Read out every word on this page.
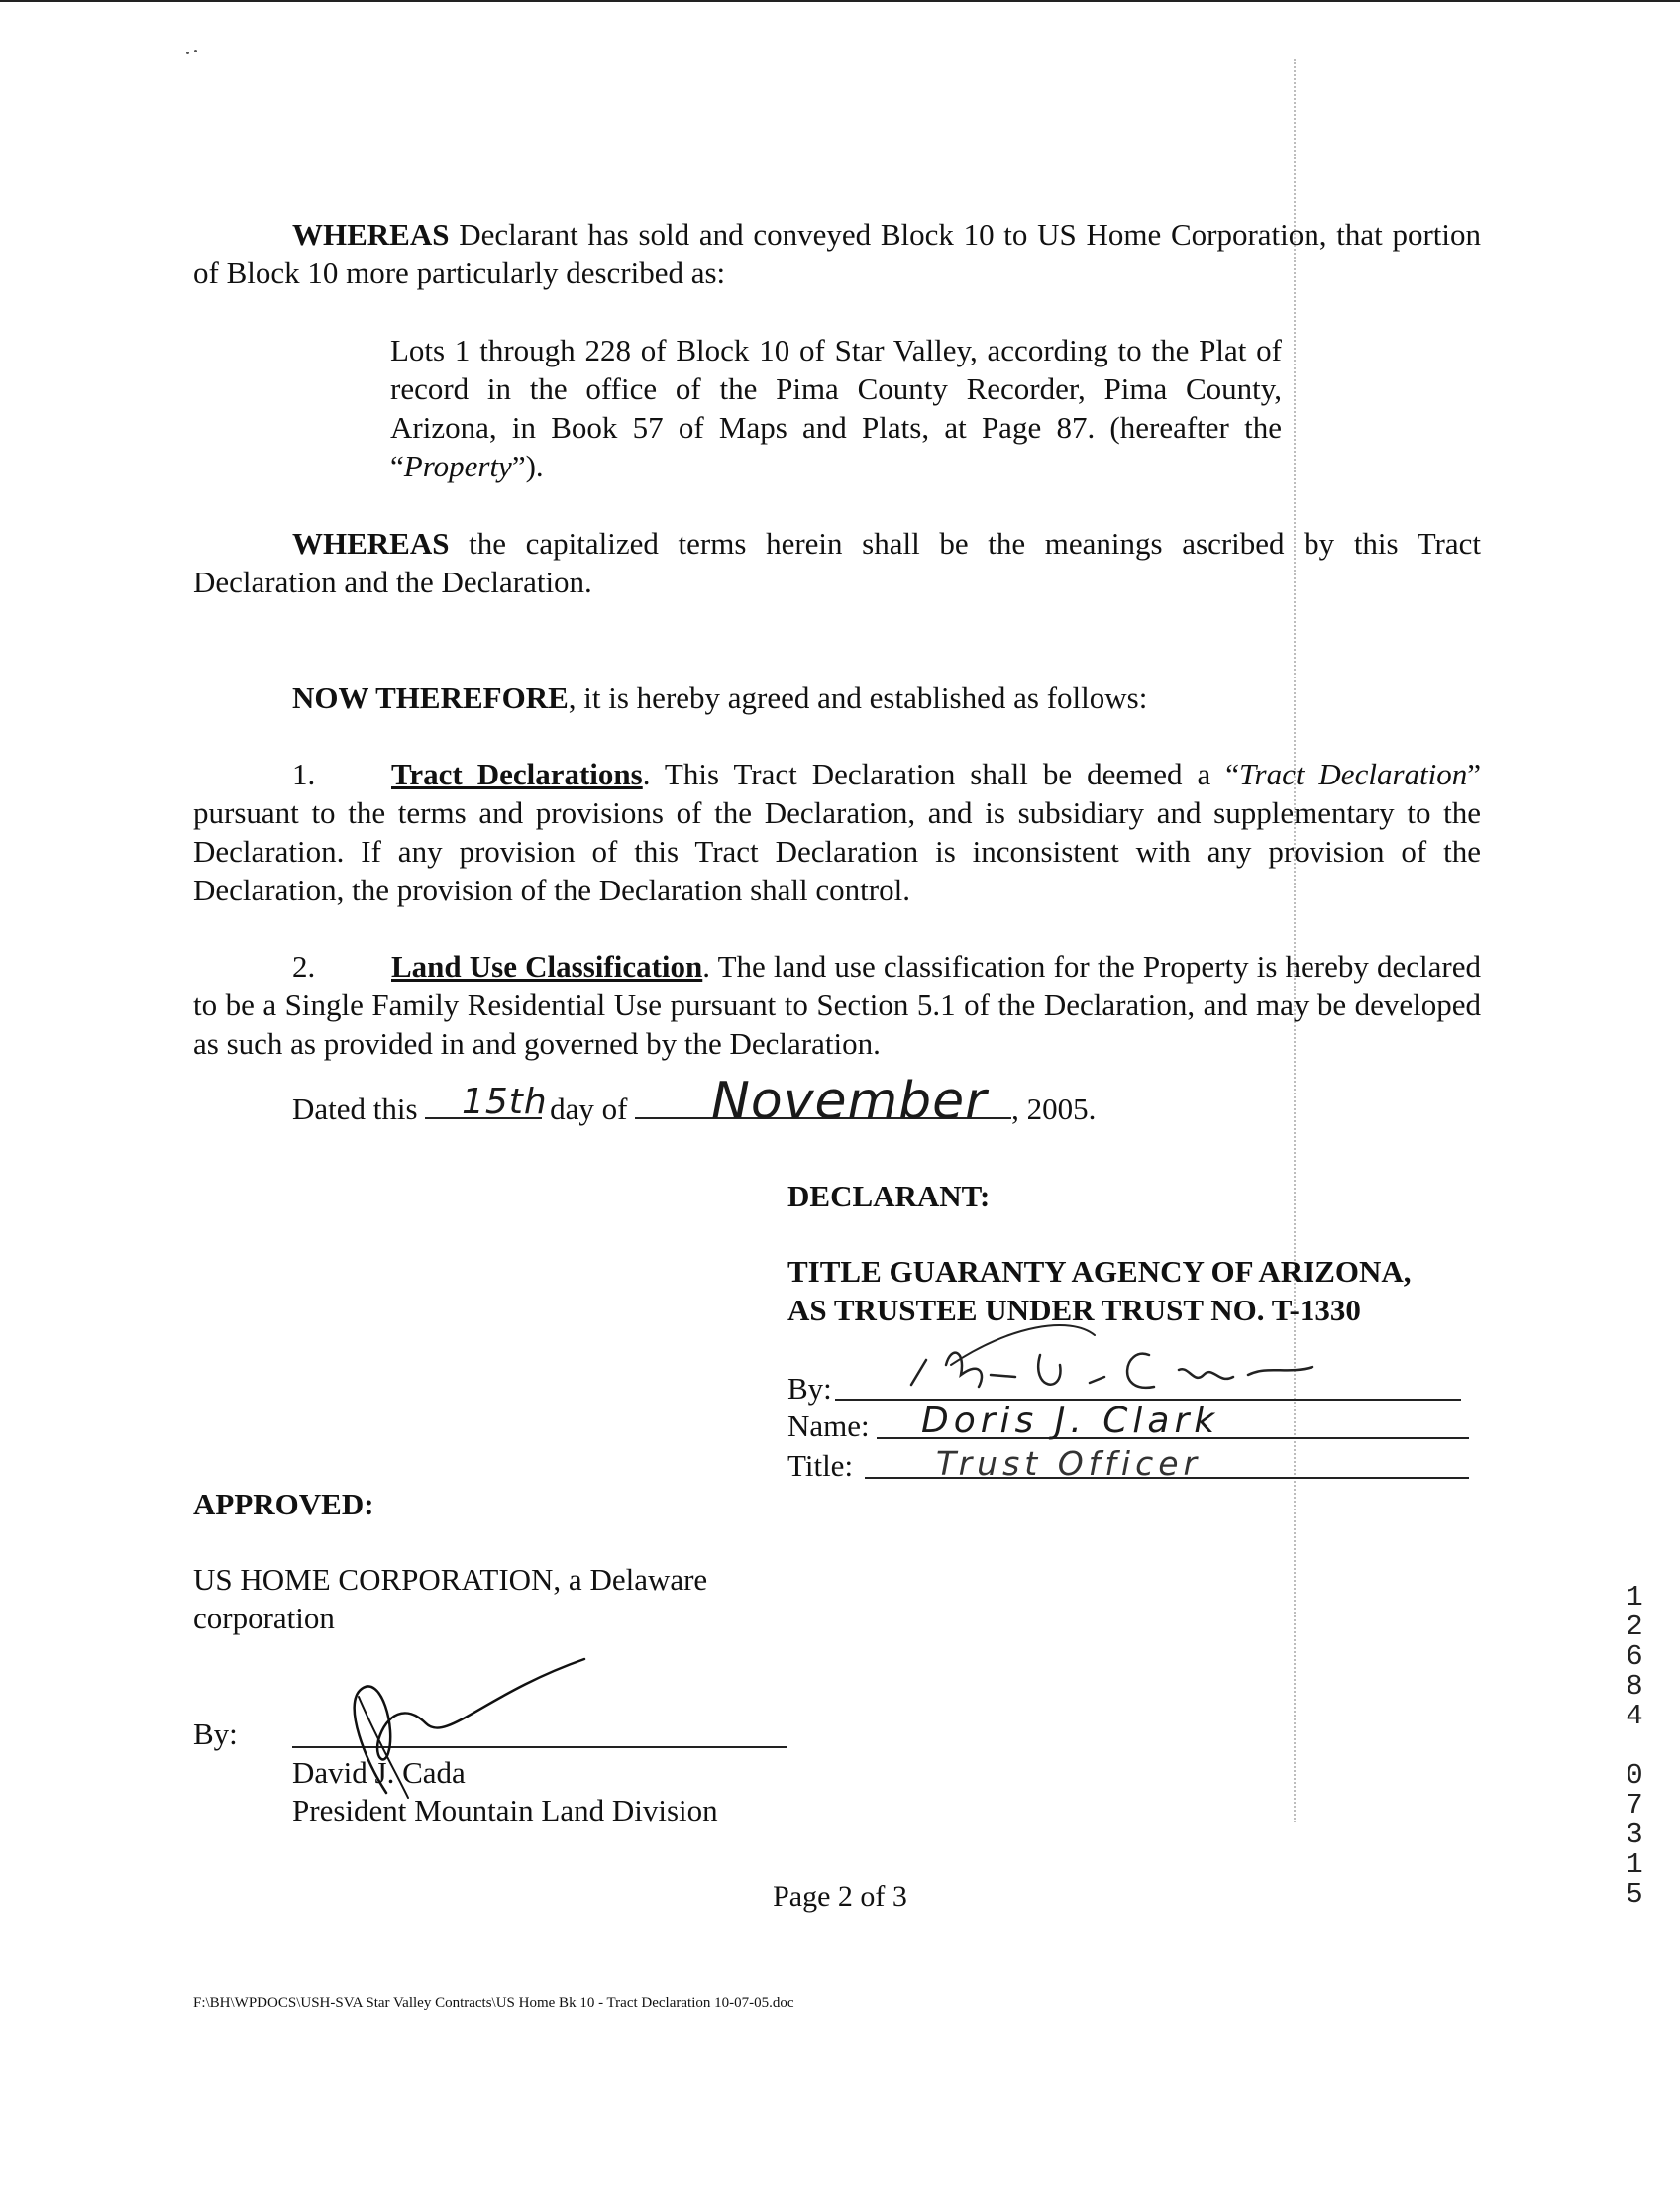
WHEREAS Declarant has sold and conveyed Block 10 to US Home Corporation, that portion of Block 10 more particularly described as:

Lots 1 through 228 of Block 10 of Star Valley, according to the Plat of record in the office of the Pima County Recorder, Pima County, Arizona, in Book 57 of Maps and Plats, at Page 87. (hereafter the “Property”).

WHEREAS the capitalized terms herein shall be the meanings ascribed by this Tract Declaration and the Declaration.

NOW THEREFORE, it is hereby agreed and established as follows:

1. Tract Declarations. This Tract Declaration shall be deemed a “Tract Declaration” pursuant to the terms and provisions of the Declaration, and is subsidiary and supplementary to the Declaration. If any provision of this Tract Declaration is inconsistent with any provision of the Declaration, the provision of the Declaration shall control.

2. Land Use Classification. The land use classification for the Property is hereby declared to be a Single Family Residential Use pursuant to Section 5.1 of the Declaration, and may be developed as such as provided in and governed by the Declaration.

Dated this	day of	, 2005.
15th	November
DECLARANT:
TITLE GUARANTY AGENCY OF ARIZONA,
AS TRUSTEE UNDER TRUST NO. T-1330
By:
Name: Doris J. Clark
Title:	Trust Officer
APPROVED:
US HOME CORPORATION, a Delaware
corporation
By:
David J. Cada
President Mountain Land Division
Page 2 of 3
F:\BH\WPDOCS\USH-SVA Star Valley Contracts\US Home Bk 10 - Tract Declaration 10-07-05.doc
1
2
6
8
4
0
7
3
1
5
